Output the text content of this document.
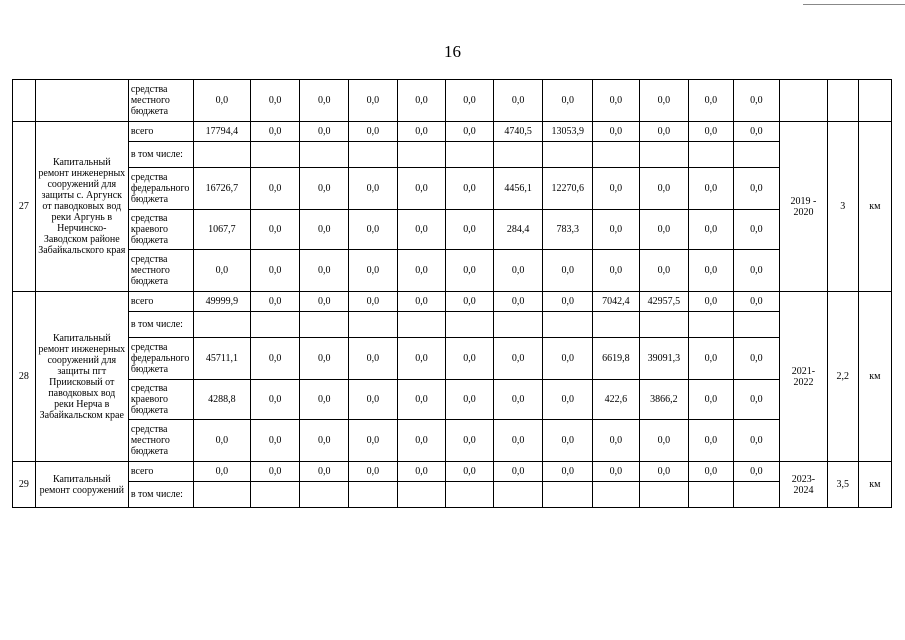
16
		средства местного бюджета	0,0	0,0	0,0	0,0	0,0	0,0	0,0	0,0	0,0	0,0	0,0	0,0			
27	Капитальный ремонт инженерных сооружений для защиты с. Аргунск от паводковых вод реки Аргунь в Нерчинско-Заводском районе Забайкальского края	всего	17794,4	0,0	0,0	0,0	0,0	0,0	4740,5	13053,9	0,0	0,0	0,0	0,0	2019 - 2020	3	км
		в том числе:															
		средства федерального бюджета	16726,7	0,0	0,0	0,0	0,0	0,0	4456,1	12270,6	0,0	0,0	0,0	0,0			
		средства краевого бюджета	1067,7	0,0	0,0	0,0	0,0	0,0	284,4	783,3	0,0	0,0	0,0	0,0			
		средства местного бюджета	0,0	0,0	0,0	0,0	0,0	0,0	0,0	0,0	0,0	0,0	0,0	0,0			
28	Капитальный ремонт инженерных сооружений для защиты пгт Приисковый от паводковых вод реки Нерча в Забайкальском крае	всего	49999,9	0,0	0,0	0,0	0,0	0,0	0,0	0,0	7042,4	42957,5	0,0	0,0	2021-2022	2,2	км
		в том числе:															
		средства федерального бюджета	45711,1	0,0	0,0	0,0	0,0	0,0	0,0	0,0	6619,8	39091,3	0,0	0,0			
		средства краевого бюджета	4288,8	0,0	0,0	0,0	0,0	0,0	0,0	0,0	422,6	3866,2	0,0	0,0			
		средства местного бюджета	0,0	0,0	0,0	0,0	0,0	0,0	0,0	0,0	0,0	0,0	0,0	0,0			
29	Капитальный ремонт сооружений	всего	0,0	0,0	0,0	0,0	0,0	0,0	0,0	0,0	0,0	0,0	0,0	0,0	2023-2024	3,5	км
		в том числе:															
